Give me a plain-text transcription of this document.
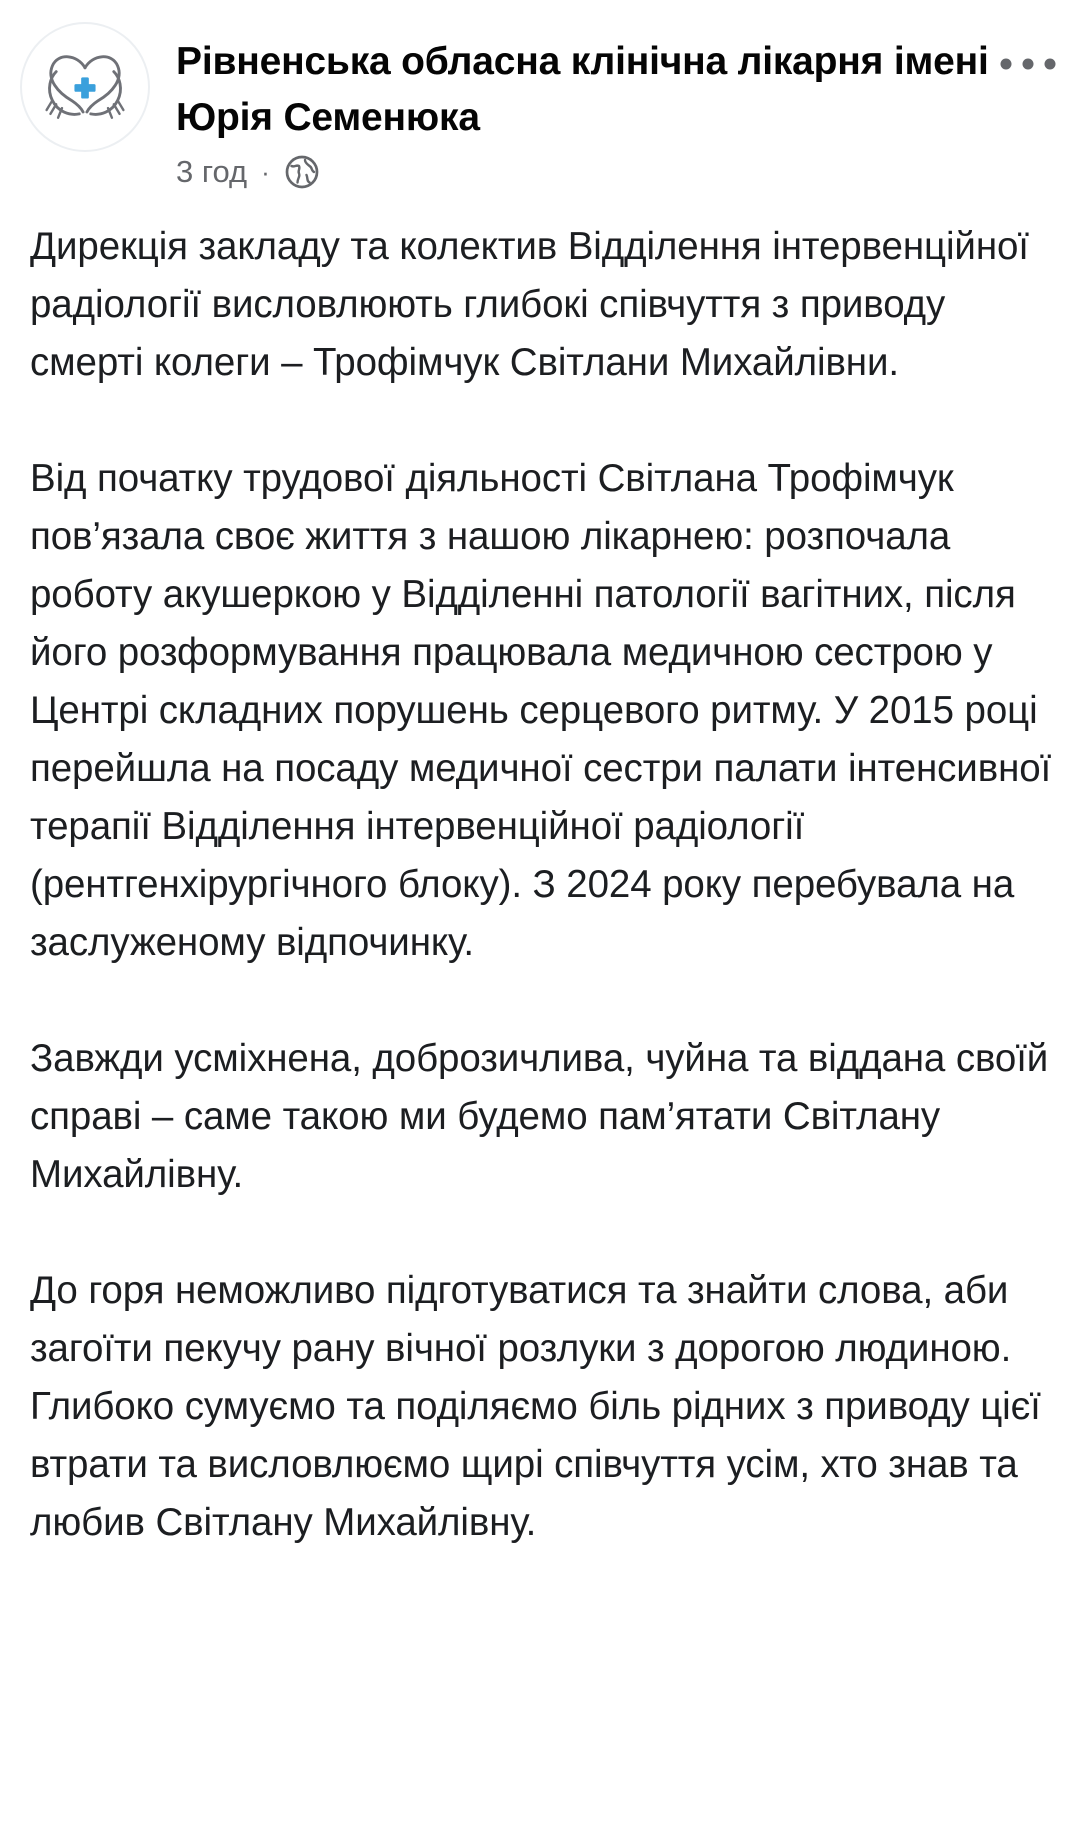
Рівненська обласна клінічна лікарня імені Юрія Семенюка
3 год ·

Дирекція закладу та колектив Відділення інтервенційної радіології висловлюють глибокі співчуття з приводу смерті колеги – Трофімчук Світлани Михайлівни.

Від початку трудової діяльності Світлана Трофімчук пов’язала своє життя з нашою лікарнею: розпочала роботу акушеркою у Відділенні патології вагітних, після його розформування працювала медичною сестрою у Центрі складних порушень серцевого ритму. У 2015 році перейшла на посаду медичної сестри палати інтенсивної терапії Відділення інтервенційної радіології (рентгенхірургічного блоку). З 2024 року перебувала на заслуженому відпочинку.

Завжди усміхнена, доброзичлива, чуйна та віддана своїй справі – саме такою ми будемо пам’ятати Світлану Михайлівну.

До горя неможливо підготуватися та знайти слова, аби загоїти пекучу рану вічної розлуки з дорогою людиною. Глибоко сумуємо та поділяємо біль рідних з приводу цієї втрати та висловлюємо щирі співчуття усім, хто знав та любив Світлану Михайлівну.
